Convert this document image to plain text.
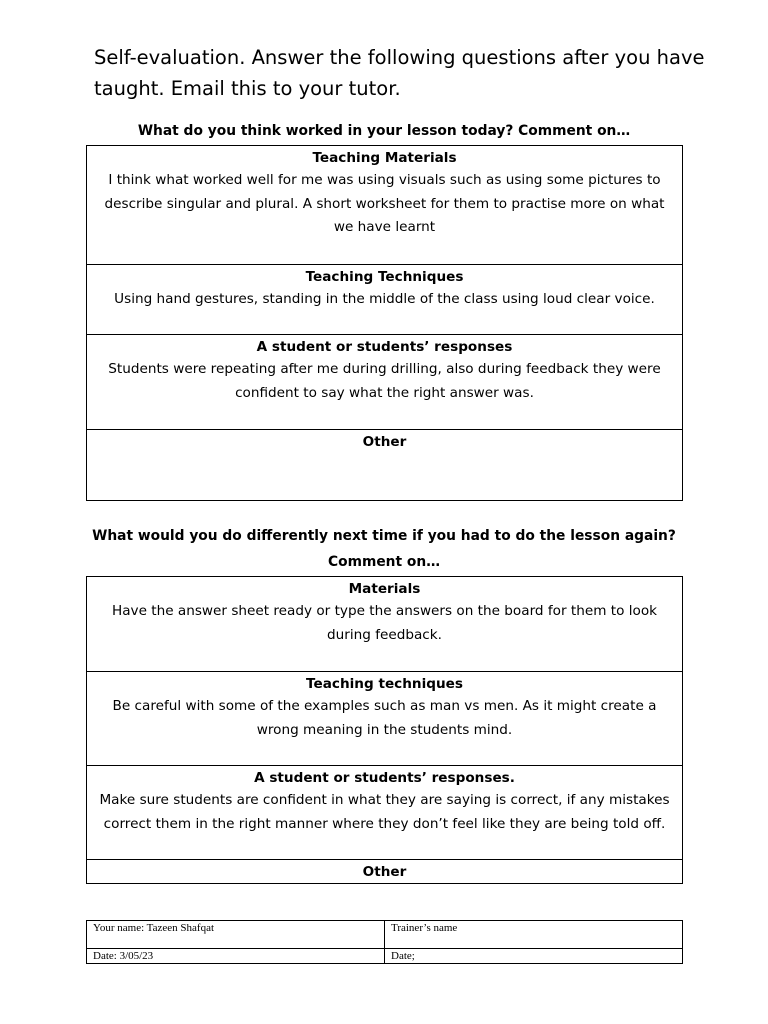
Self-evaluation. Answer the following questions after you have taught. Email this to your tutor.
What do you think worked in your lesson today? Comment on…
Teaching Materials
I think what worked well for me was using visuals such as using some pictures to describe singular and plural. A short worksheet for them to practise more on what we have learnt
Teaching Techniques
Using hand gestures, standing in the middle of the class using loud clear voice.
A student or students’ responses
Students were repeating after me during drilling, also during feedback they were confident to say what the right answer was.
Other
What would you do differently next time if you had to do the lesson again?
Comment on…
Materials
Have the answer sheet ready or type the answers on the board for them to look during feedback.
Teaching techniques
Be careful with some of the examples such as man vs men. As it might create a wrong meaning in the students mind.
A student or students’ responses.
Make sure students are confident in what they are saying is correct, if any mistakes correct them in the right manner where they don’t feel like they are being told off.
Other
Your name: Tazeen Shafqat	Trainer’s name
Date: 3/05/23	Date;
